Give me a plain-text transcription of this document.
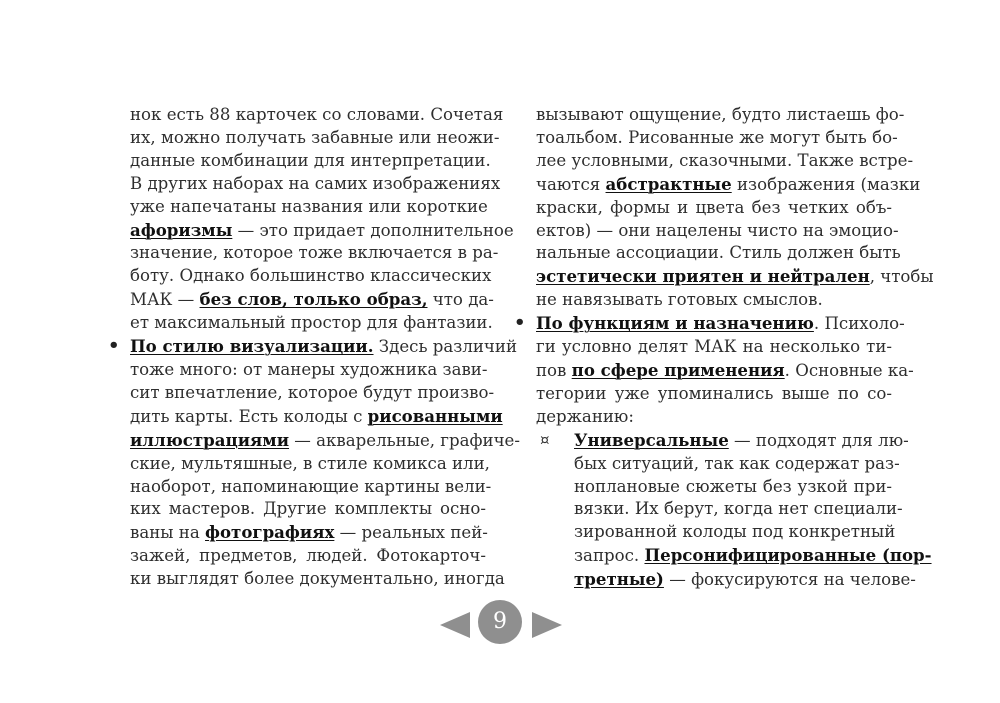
нок есть 88 карточек со словами. Сочетая
их, можно получать забавные или неожи-
данные комбинации для интерпретации.
В других наборах на самих изображениях
уже напечатаны названия или короткие
афоризмы — это придает дополнительное
значение, которое тоже включается в ра-
боту. Однако большинство классических
МАК — без слов, только образ, что да-
ет максимальный простор для фантазии.
• По стилю визуализации. Здесь различий
тоже много: от манеры художника зави-
сит впечатление, которое будут произво-
дить карты. Есть колоды с рисованными
иллюстрациями — акварельные, графиче-
ские, мультяшные, в стиле комикса или,
наоборот, напоминающие картины вели-
ких мастеров. Другие комплекты осно-
ваны на фотографиях — реальных пей-
зажей, предметов, людей. Фотокарточ-
ки выглядят более документально, иногда
вызывают ощущение, будто листаешь фо-
тоальбом. Рисованные же могут быть бо-
лее условными, сказочными. Также встре-
чаются абстрактные изображения (мазки
краски, формы и цвета без четких объ-
ектов) — они нацелены чисто на эмоцио-
нальные ассоциации. Стиль должен быть
эстетически приятен и нейтрален, чтобы
не навязывать готовых смыслов.
• По функциям и назначению. Психоло-
ги условно делят МАК на несколько ти-
пов по сфере применения. Основные ка-
тегории уже упоминались выше по со-
держанию:
¤ Универсальные — подходят для лю-
бых ситуаций, так как содержат раз-
ноплановые сюжеты без узкой при-
вязки. Их берут, когда нет специали-
зированной колоды под конкретный
запрос. Персонифицированные (пор-
третные) — фокусируются на челове-
9
